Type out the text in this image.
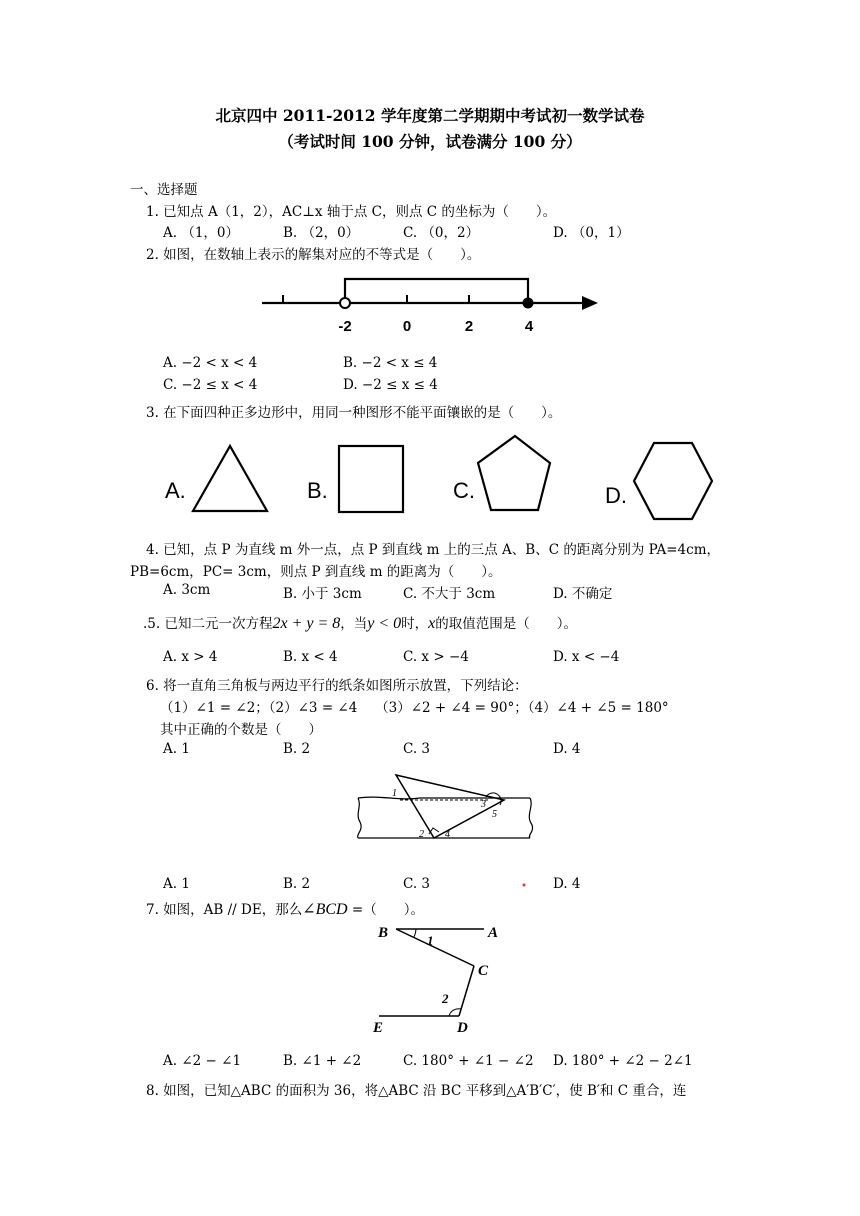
北京四中 2011-2012 学年度第二学期期中考试初一数学试卷
（考试时间 100 分钟，试卷满分 100 分）
一、选择题
1. 已知点 A（1，2），AC⊥x 轴于点 C，则点 C 的坐标为（　　）。
A. （1，0）	B. （2，0）	C. （0，2）	D. （0，1）
2. 如图，在数轴上表示的解集对应的不等式是（　　）。
-2	0	2	4
A. −2 < x < 4	B. −2 < x ≤ 4
C. −2 ≤ x < 4	D. −2 ≤ x ≤ 4
3. 在下面四种正多边形中，用同一种图形不能平面镶嵌的是（　　）。
A.	B.	C.	D.
4. 已知，点 P 为直线 m 外一点，点 P 到直线 m 上的三点 A、B、C 的距离分别为 PA=4cm，
PB=6cm，PC= 3cm，则点 P 到直线 m 的距离为（　　）。
A. 3cm	B. 小于 3cm	C. 不大于 3cm	D. 不确定
.5. 已知二元一次方程2x + y = 8，当y < 0时，x的取值范围是（　　）。
A. x > 4	B. x < 4	C. x > −4	D. x < −4
6. 将一直角三角板与两边平行的纸条如图所示放置，下列结论：
（1）∠1 = ∠2；（2）∠3 = ∠4　 （3）∠2 + ∠4 = 90°；（4）∠4 + ∠5 = 180°
其中正确的个数是（　　）
A. 1	B. 2	C. 3	D. 4
1
2
3
4
5
A. 1	B. 2	C. 3	D. 4
7. 如图，AB // DE，那么∠BCD =（　　）。
B	A
C
D
E
1
2
A. ∠2 − ∠1	B. ∠1 + ∠2	C. 180° + ∠1 − ∠2 D. 180° + ∠2 − 2∠1
8. 如图，已知△ABC 的面积为 36，将△ABC 沿 BC 平移到△A′B′C′，使 B′和 C 重合，连
